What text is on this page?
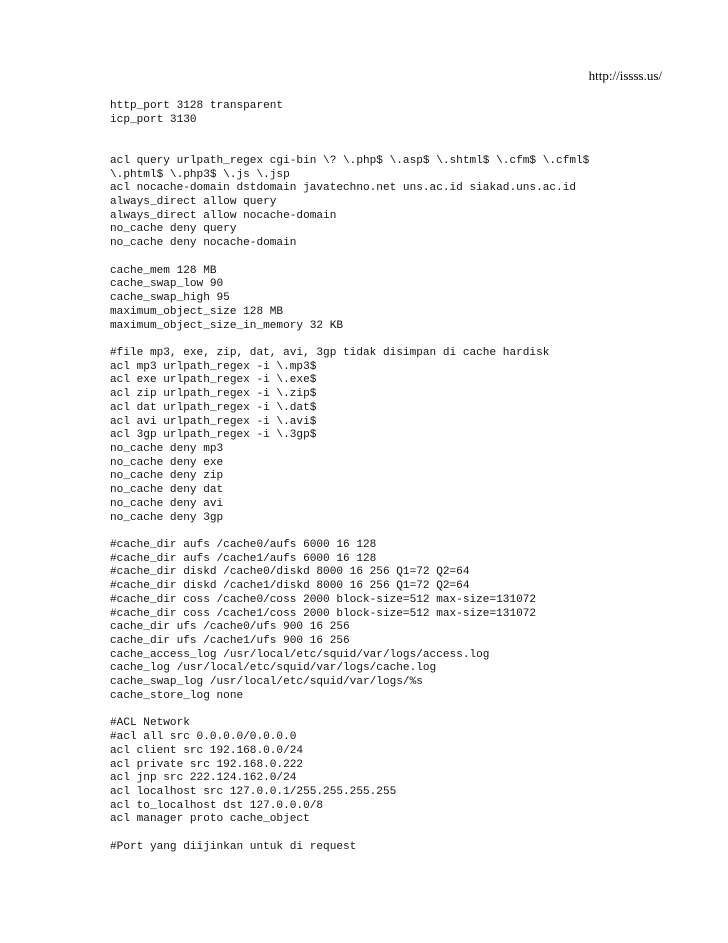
http://issss.us/
http_port 3128 transparent
icp_port 3130
acl query urlpath_regex cgi-bin \? \.php$ \.asp$ \.shtml$ \.cfm$ \.cfml$
\.phtml$ \.php3$ \.js \.jsp
acl nocache-domain dstdomain javatechno.net uns.ac.id siakad.uns.ac.id
always_direct allow query
always_direct allow nocache-domain
no_cache deny query
no_cache deny nocache-domain
cache_mem 128 MB
cache_swap_low 90
cache_swap_high 95
maximum_object_size 128 MB
maximum_object_size_in_memory 32 KB
#file mp3, exe, zip, dat, avi, 3gp tidak disimpan di cache hardisk
acl mp3 urlpath_regex -i \.mp3$
acl exe urlpath_regex -i \.exe$
acl zip urlpath_regex -i \.zip$
acl dat urlpath_regex -i \.dat$
acl avi urlpath_regex -i \.avi$
acl 3gp urlpath_regex -i \.3gp$
no_cache deny mp3
no_cache deny exe
no_cache deny zip
no_cache deny dat
no_cache deny avi
no_cache deny 3gp
#cache_dir aufs /cache0/aufs 6000 16 128
#cache_dir aufs /cache1/aufs 6000 16 128
#cache_dir diskd /cache0/diskd 8000 16 256 Q1=72 Q2=64
#cache_dir diskd /cache1/diskd 8000 16 256 Q1=72 Q2=64
#cache_dir coss /cache0/coss 2000 block-size=512 max-size=131072
#cache_dir coss /cache1/coss 2000 block-size=512 max-size=131072
cache_dir ufs /cache0/ufs 900 16 256
cache_dir ufs /cache1/ufs 900 16 256
cache_access_log /usr/local/etc/squid/var/logs/access.log
cache_log /usr/local/etc/squid/var/logs/cache.log
cache_swap_log /usr/local/etc/squid/var/logs/%s
cache_store_log none
#ACL Network
#acl all src 0.0.0.0/0.0.0.0
acl client src 192.168.0.0/24
acl private src 192.168.0.222
acl jnp src 222.124.162.0/24
acl localhost src 127.0.0.1/255.255.255.255
acl to_localhost dst 127.0.0.0/8
acl manager proto cache_object
#Port yang diijinkan untuk di request
